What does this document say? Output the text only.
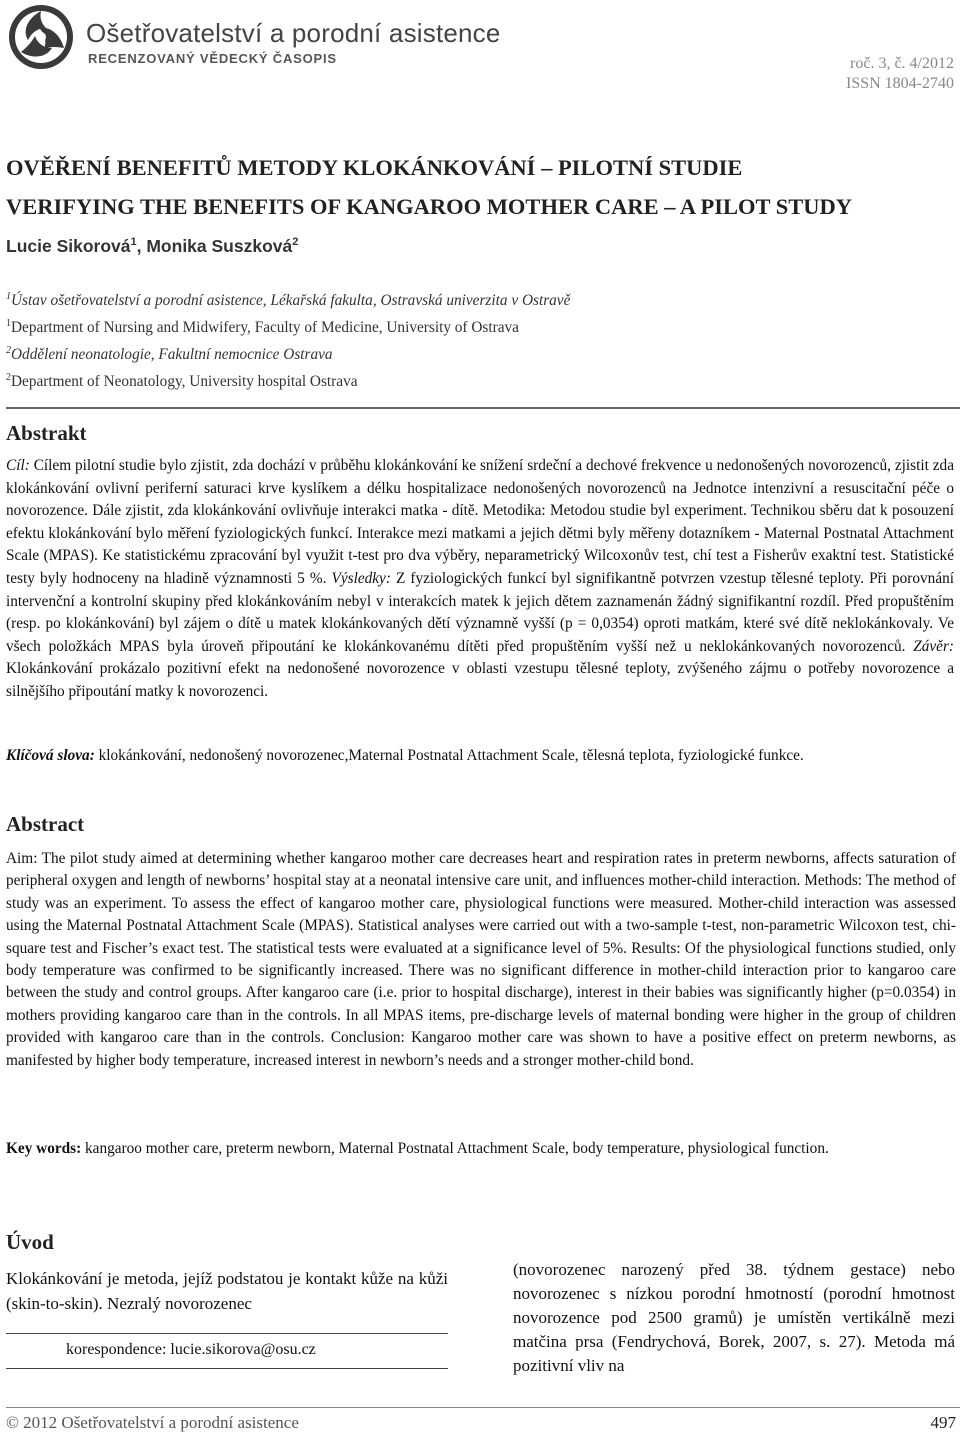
Ošetřovatelství a porodní asistence
RECENZOVANÝ VĚDECKÝ ČASOPIS	roč. 3, č. 4/2012
ISSN 1804-2740
OVĚŘENÍ BENEFITŮ METODY KLOKÁNKOVÁNÍ – PILOTNÍ STUDIE
VERIFYING THE BENEFITS OF KANGAROO MOTHER CARE – A PILOT STUDY
Lucie Sikorová$^1$, Monika Suszková$^2$
$^1$Ústav ošetřovatelství a porodní asistence, Lékařská fakulta, Ostravská univerzita v Ostravě
$^1$Department of Nursing and Midwifery, Faculty of Medicine, University of Ostrava
$^2$Oddělení neonatologie, Fakultní nemocnice Ostrava
$^2$Department of Neonatology, University hospital Ostrava
Abstrakt

Cíl: Cílem pilotní studie bylo zjistit, zda dochází v průběhu klokánkování ke snížení srdeční a dechové frekvence u nedonošených novorozenců, zjistit zda klokánkování ovlivní periferní saturaci krve kyslíkem a délku hospitalizace nedonošených novorozenců na Jednotce intenzivní a resuscitační péče o novorozence. Dále zjistit, zda klokánkování ovlivňuje interakci matka - dítě. Metodika: Metodou studie byl experiment. Technikou sběru dat k posouzení efektu klokánkování bylo měření fyziologických funkcí. Interakce mezi matkami a jejich dětmi byly měřeny dotazníkem - Maternal Postnatal Attachment Scale (MPAS). Ke statistickému zpracování byl využit t-test pro dva výběry, neparametrický Wilcoxonův test, chí test a Fisherův exaktní test. Statistické testy byly hodnoceny na hladině významnosti 5 %. Výsledky: Z fyziologických funkcí byl signifikantně potvrzen vzestup tělesné teploty. Při porovnání intervenční a kontrolní skupiny před klokánkováním nebyl v interakcích matek k jejich dětem zaznamenán žádný signifikantní rozdíl. Před propuštěním (resp. po klokánkování) byl zájem o dítě u matek klokánkovaných dětí významně vyšší (p = 0,0354) oproti matkám, které své dítě neklokánkovaly. Ve všech položkách MPAS byla úroveň připoutání ke klokánkovanému dítěti před propuštěním vyšší než u neklokánkovaných novorozenců. Závěr: Klokánkování prokázalo pozitivní efekt na nedonošené novorozence v oblasti vzestupu tělesné teploty, zvýšeného zájmu o potřeby novorozence a silnějšího připoutání matky k novorozenci.

Klíčová slova: klokánkování, nedonošený novorozenec,Maternal Postnatal Attachment Scale, tělesná teplota, fyziologické funkce.

Abstract

Aim: The pilot study aimed at determining whether kangaroo mother care decreases heart and respiration rates in preterm newborns, affects saturation of peripheral oxygen and length of newborns’ hospital stay at a neonatal intensive care unit, and influences mother-child interaction. Methods: The method of study was an experiment. To assess the effect of kangaroo mother care, physiological functions were measured. Mother-child interaction was assessed using the Maternal Postnatal Attachment Scale (MPAS). Statistical analyses were carried out with a two-sample t-test, non-parametric Wilcoxon test, chi-square test and Fischer’s exact test. The statistical tests were evaluated at a significance level of 5%. Results: Of the physiological functions studied, only body temperature was confirmed to be significantly increased. There was no significant difference in mother-child interaction prior to kangaroo care between the study and control groups. After kangaroo care (i.e. prior to hospital discharge), interest in their babies was significantly higher (p=0.0354) in mothers providing kangaroo care than in the controls. In all MPAS items, pre-discharge levels of maternal bonding were higher in the group of children provided with kangaroo care than in the controls. Conclusion: Kangaroo mother care was shown to have a positive effect on preterm newborns, as manifested by higher body temperature, increased interest in newborn’s needs and a stronger mother-child bond.

Key words: kangaroo mother care, preterm newborn, Maternal Postnatal Attachment Scale, body temperature, physiological function.

Úvod

Klokánkování je metoda, jejíž podstatou je kontakt kůže na kůži (skin-to-skin). Nezralý novorozenec

korespondence: lucie.sikorova@osu.cz

(novorozenec narozený před 38. týdnem gestace) nebo novorozenec s nízkou porodní hmotností (porodní hmotnost novorozence pod 2500 gramů) je umístěn vertikálně mezi matčina prsa (Fendrychová, Borek, 2007, s. 27). Metoda má pozitivní vliv na

© 2012 Ošetřovatelství a porodní asistence	497
